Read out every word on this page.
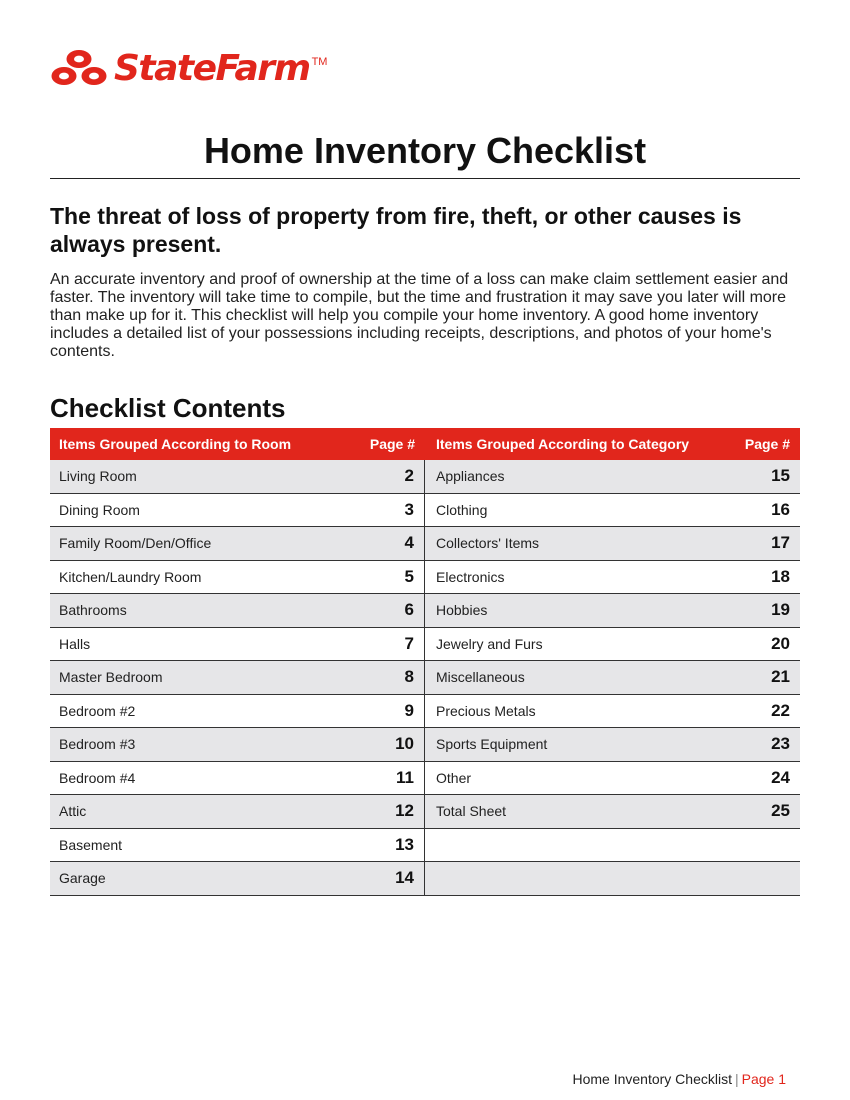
StateFarm TM
Home Inventory Checklist
The threat of loss of property from fire, theft, or other causes is always present.

An accurate inventory and proof of ownership at the time of a loss can make claim settlement easier and faster. The inventory will take time to compile, but the time and frustration it may save you later will more than make up for it. This checklist will help you compile your home inventory. A good home inventory includes a detailed list of your possessions including receipts, descriptions, and photos of your home's contents.

Checklist Contents
Items Grouped According to Room	Page # Items Grouped According to Category	Page #
Living Room	2 Appliances	15
Dining Room	3 Clothing	16
Family Room/Den/Office	4 Collectors' Items	17
Kitchen/Laundry Room	5 Electronics	18
Bathrooms	6 Hobbies	19
Halls	7 Jewelry and Furs	20
Master Bedroom	8 Miscellaneous	21
Bedroom #2	9 Precious Metals	22
Bedroom #3	10 Sports Equipment	23
Bedroom #4	11 Other	24
Attic	12 Total Sheet	25
Basement	13
Garage	14
Home Inventory Checklist | Page 1
